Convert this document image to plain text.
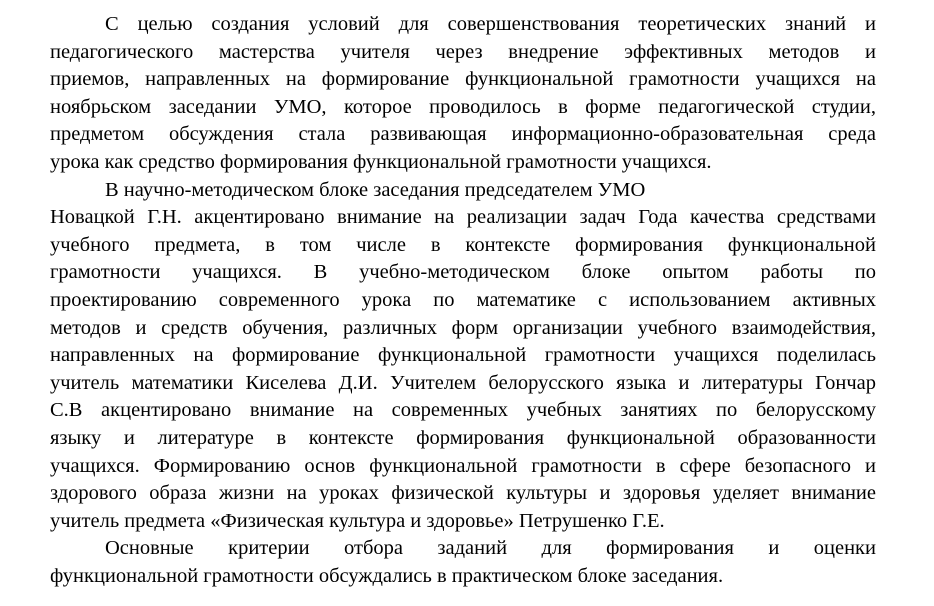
С целью создания условий для совершенствования теоретических знаний и
педагогического мастерства учителя через внедрение эффективных методов и
приемов, направленных на формирование функциональной грамотности учащихся на
ноябрьском заседании УМО, которое проводилось в форме педагогической студии,
предметом обсуждения стала развивающая информационно-образовательная среда
урока как средство формирования функциональной грамотности учащихся.
В научно-методическом блоке заседания председателем УМО
Новацкой Г.Н. акцентировано внимание на реализации задач Года качества средствами
учебного предмета, в том числе в контексте формирования функциональной
грамотности учащихся. В учебно-методическом блоке опытом работы по
проектированию современного урока по математике с использованием активных
методов и средств обучения, различных форм организации учебного взаимодействия,
направленных на формирование функциональной грамотности учащихся поделилась
учитель математики Киселева Д.И. Учителем белорусского языка и литературы Гончар
С.В акцентировано внимание на современных учебных занятиях по белорусскому
языку и литературе в контексте формирования функциональной образованности
учащихся. Формированию основ функциональной грамотности в сфере безопасного и
здорового образа жизни на уроках физической культуры и здоровья уделяет внимание
учитель предмета «Физическая культура и здоровье» Петрушенко Г.Е.
Основные критерии отбора заданий для формирования и оценки
функциональной грамотности обсуждались в практическом блоке заседания.
